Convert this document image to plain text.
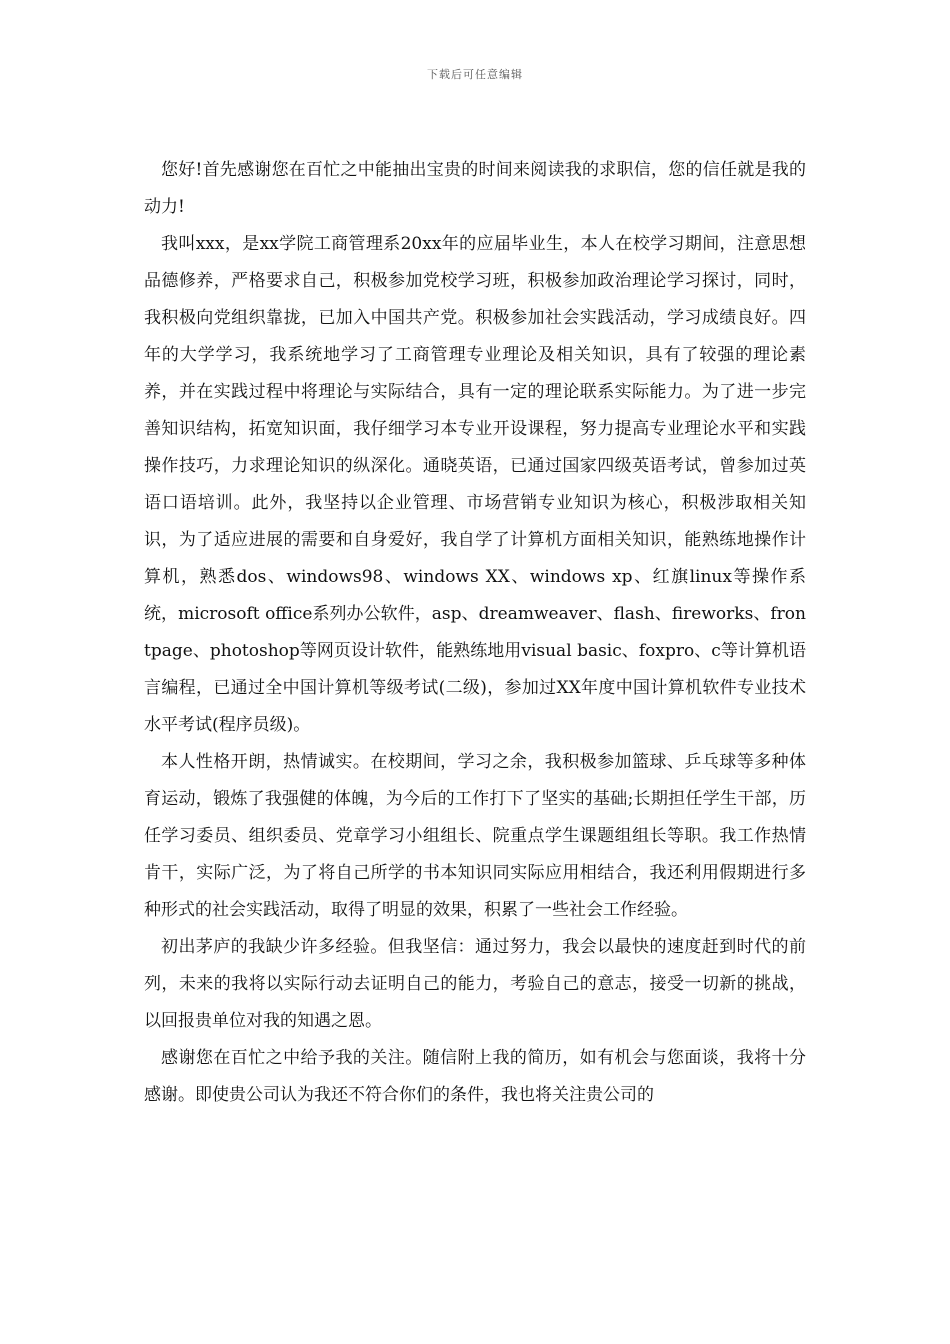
下载后可任意编辑

您好!首先感谢您在百忙之中能抽出宝贵的时间来阅读我的求职信，您的信任就是我的动力!

我叫xxx，是xx学院工商管理系20xx年的应届毕业生，本人在校学习期间，注意思想品德修养，严格要求自己，积极参加党校学习班，积极参加政治理论学习探讨，同时，我积极向党组织靠拢，已加入中国共产党。积极参加社会实践活动，学习成绩良好。四年的大学学习，我系统地学习了工商管理专业理论及相关知识，具有了较强的理论素养，并在实践过程中将理论与实际结合，具有一定的理论联系实际能力。为了进一步完善知识结构，拓宽知识面，我仔细学习本专业开设课程，努力提高专业理论水平和实践操作技巧，力求理论知识的纵深化。通晓英语，已通过国家四级英语考试，曾参加过英语口语培训。此外，我坚持以企业管理、市场营销专业知识为核心，积极涉取相关知识，为了适应进展的需要和自身爱好，我自学了计算机方面相关知识，能熟练地操作计算机，熟悉dos、windows98、windows XX、windows xp、红旗linux等操作系统，microsoft office系列办公软件，asp、dreamweaver、flash、fireworks、frontpage、photoshop等网页设计软件，能熟练地用visual basic、foxpro、c等计算机语言编程，已通过全中国计算机等级考试(二级)，参加过XX年度中国计算机软件专业技术水平考试(程序员级)。

本人性格开朗，热情诚实。在校期间，学习之余，我积极参加篮球、乒乓球等多种体育运动，锻炼了我强健的体魄，为今后的工作打下了坚实的基础;长期担任学生干部，历任学习委员、组织委员、党章学习小组组长、院重点学生课题组组长等职。我工作热情肯干，实际广泛，为了将自己所学的书本知识同实际应用相结合，我还利用假期进行多种形式的社会实践活动，取得了明显的效果，积累了一些社会工作经验。

初出茅庐的我缺少许多经验。但我坚信：通过努力，我会以最快的速度赶到时代的前列，未来的我将以实际行动去证明自己的能力，考验自己的意志，接受一切新的挑战，以回报贵单位对我的知遇之恩。

感谢您在百忙之中给予我的关注。随信附上我的简历，如有机会与您面谈，我将十分感谢。即使贵公司认为我还不符合你们的条件，我也将关注贵公司的
